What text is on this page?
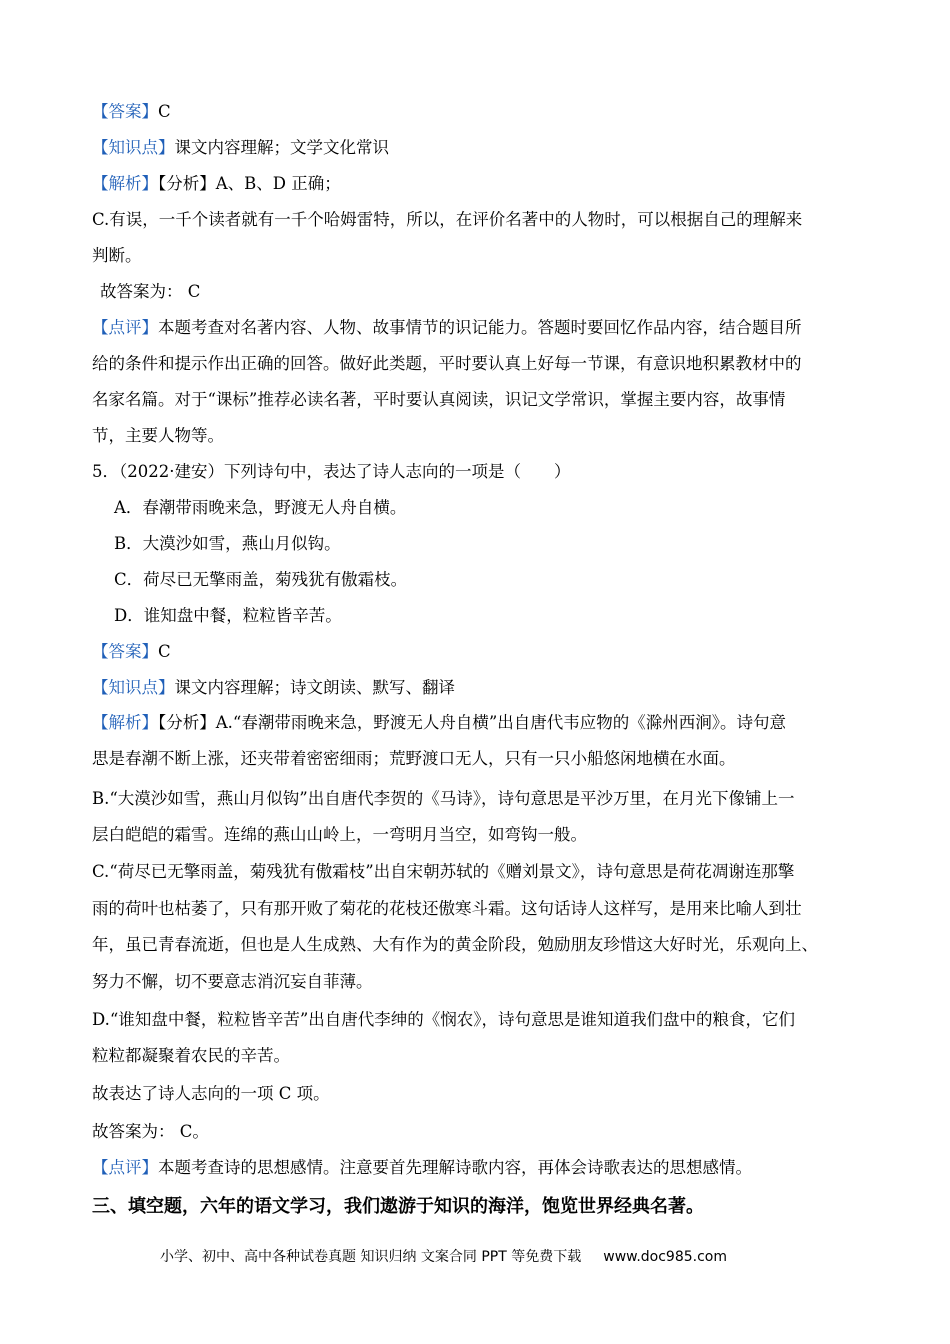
【答案】C
【知识点】课文内容理解；文学文化常识
【解析】【分析】A、B、D 正确；
C.有误，一千个读者就有一千个哈姆雷特，所以，在评价名著中的人物时，可以根据自己的理解来
判断。
故答案为： C
【点评】本题考查对名著内容、人物、故事情节的识记能力。答题时要回忆作品内容，结合题目所
给的条件和提示作出正确的回答。做好此类题，平时要认真上好每一节课，有意识地积累教材中的
名家名篇。对于“课标”推荐必读名著，平时要认真阅读，识记文学常识，掌握主要内容，故事情
节，主要人物等。
5．（2022·建安）下列诗句中，表达了诗人志向的一项是（　　）
A．春潮带雨晚来急，野渡无人舟自横。
B．大漠沙如雪，燕山月似钩。
C．荷尽已无擎雨盖，菊残犹有傲霜枝。
D．谁知盘中餐，粒粒皆辛苦。
【答案】C
【知识点】课文内容理解；诗文朗读、默写、翻译
【解析】【分析】A.“春潮带雨晚来急，野渡无人舟自横”出自唐代韦应物的《滁州西涧》。诗句意
思是春潮不断上涨，还夹带着密密细雨；荒野渡口无人，只有一只小船悠闲地横在水面。
B.“大漠沙如雪，燕山月似钩”出自唐代李贺的《马诗》，诗句意思是平沙万里，在月光下像铺上一
层白皑皑的霜雪。连绵的燕山山岭上，一弯明月当空，如弯钩一般。
C.“荷尽已无擎雨盖，菊残犹有傲霜枝”出自宋朝苏轼的《赠刘景文》，诗句意思是荷花凋谢连那擎
雨的荷叶也枯萎了，只有那开败了菊花的花枝还傲寒斗霜。这句话诗人这样写，是用来比喻人到壮
年，虽已青春流逝，但也是人生成熟、大有作为的黄金阶段，勉励朋友珍惜这大好时光，乐观向上、
努力不懈，切不要意志消沉妄自菲薄。
D.“谁知盘中餐，粒粒皆辛苦”出自唐代李绅的《悯农》，诗句意思是谁知道我们盘中的粮食，它们
粒粒都凝聚着农民的辛苦。
故表达了诗人志向的一项 C 项。
故答案为： C。
【点评】本题考查诗的思想感情。注意要首先理解诗歌内容，再体会诗歌表达的思想感情。
三、填空题，六年的语文学习，我们遨游于知识的海洋，饱览世界经典名著。
小学、初中、高中各种试卷真题 知识归纳 文案合同 PPT 等免费下载 www.doc985.com
